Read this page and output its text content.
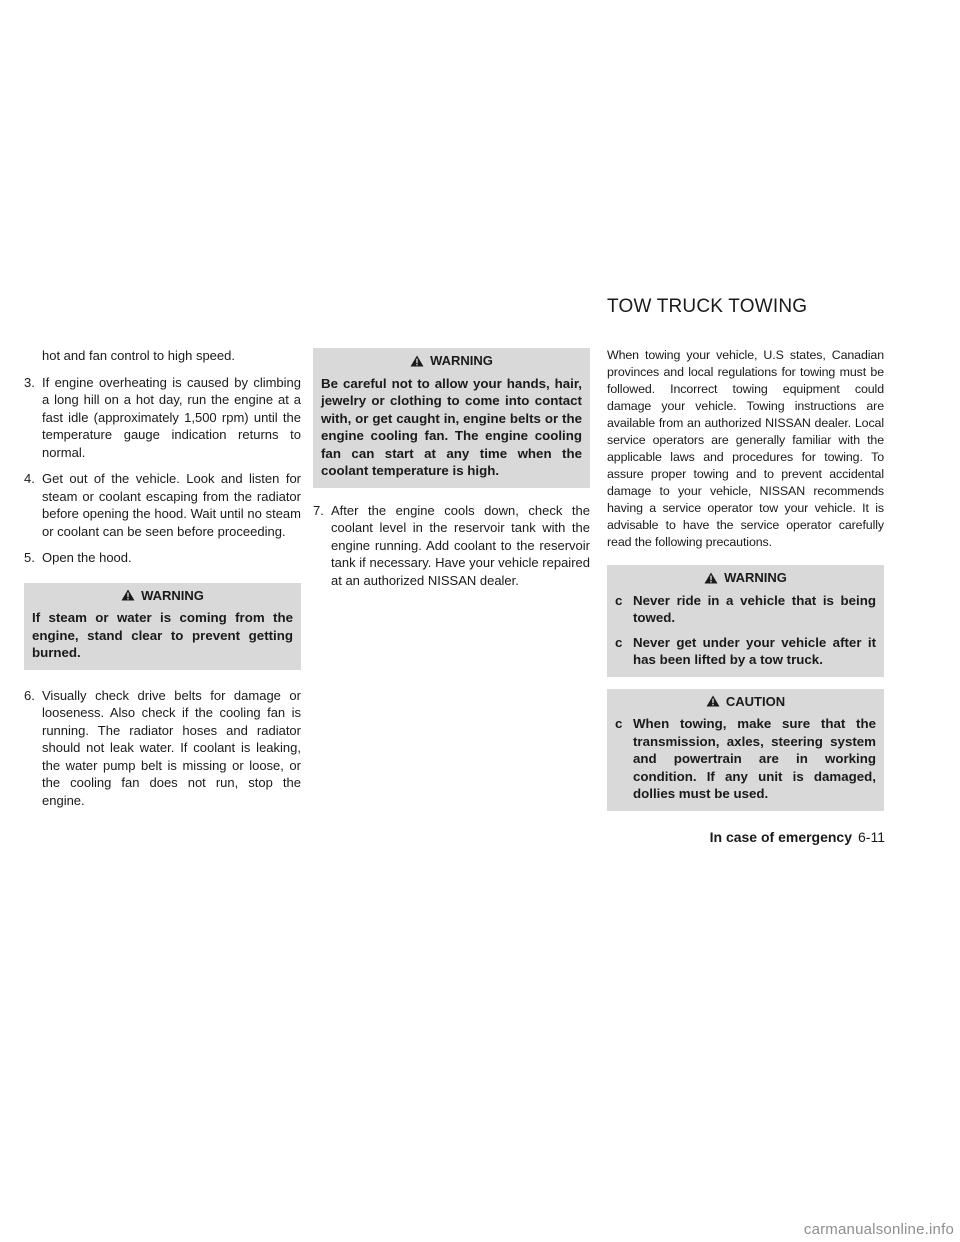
TOW TRUCK TOWING

hot and fan control to high speed.

3. If engine overheating is caused by climbing a long hill on a hot day, run the engine at a fast idle (approximately 1,500 rpm) until the temperature gauge indication returns to normal.
4. Get out of the vehicle. Look and listen for steam or coolant escaping from the radiator before opening the hood. Wait until no steam or coolant can be seen before proceeding.
5. Open the hood.
WARNING
If steam or water is coming from the engine, stand clear to prevent getting burned.
6. Visually check drive belts for damage or looseness. Also check if the cooling fan is running. The radiator hoses and radiator should not leak water. If coolant is leaking, the water pump belt is missing or loose, or the cooling fan does not run, stop the engine.
WARNING
Be careful not to allow your hands, hair, jewelry or clothing to come into contact with, or get caught in, engine belts or the engine cooling fan. The engine cooling fan can start at any time when the coolant temperature is high.
7. After the engine cools down, check the coolant level in the reservoir tank with the engine running. Add coolant to the reservoir tank if necessary. Have your vehicle repaired at an authorized NISSAN dealer.

When towing your vehicle, U.S states, Canadian provinces and local regulations for towing must be followed. Incorrect towing equipment could damage your vehicle. Towing instructions are available from an authorized NISSAN dealer. Local service operators are generally familiar with the applicable laws and procedures for towing. To assure proper towing and to prevent accidental damage to your vehicle, NISSAN recommends having a service operator tow your vehicle. It is advisable to have the service operator carefully read the following precautions.

WARNING
c Never ride in a vehicle that is being towed.
c Never get under your vehicle after it has been lifted by a tow truck.
CAUTION
c When towing, make sure that the transmission, axles, steering system and powertrain are in working condition. If any unit is damaged, dollies must be used.
In case of emergency 6-11
carmanualsonline.info
